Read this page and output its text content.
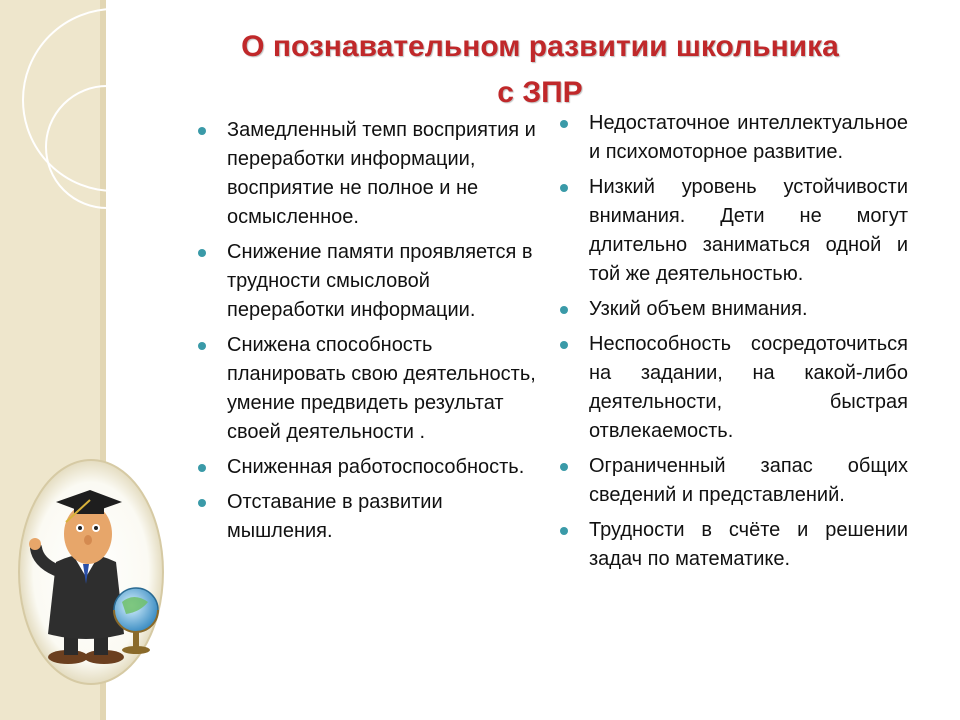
О познавательном развитии школьника
с ЗПР
Замедленный темп восприятия и переработки информации, восприятие не полное и не осмысленное.
Снижение памяти проявляется в трудности смысловой переработки информации.
Снижена способность планировать свою деятельность, умение предвидеть результат своей деятельности .
Сниженная работоспособность.
Отставание в развитии мышления.
Недостаточное интеллектуальное и психомоторное развитие.
Низкий уровень устойчивости внимания. Дети не могут длительно заниматься одной и той же деятельностью.
Узкий объем внимания.
Неспособность сосредоточиться на задании, на какой-либо деятельности, быстрая отвлекаемость.
Ограниченный запас общих сведений и представлений.
Трудности в счёте и решении задач по математике.
